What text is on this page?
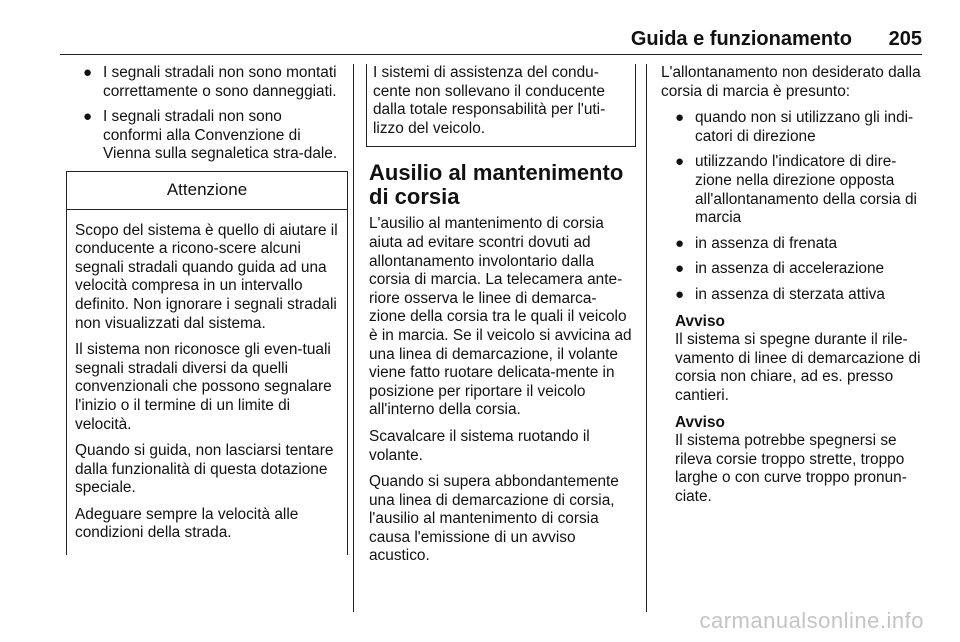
Guida e funzionamento 205
● I segnali stradali non sono montati correttamente o sono danneggiati.
● I segnali stradali non sono conformi alla Convenzione di Vienna sulla segnaletica stra-dale.
Attenzione

Scopo del sistema è quello di aiutare il conducente a ricono-scere alcuni segnali stradali quando guida ad una velocità compresa in un intervallo definito. Non ignorare i segnali stradali non visualizzati dal sistema.

Il sistema non riconosce gli even-tuali segnali stradali diversi da quelli convenzionali che possono segnalare l'inizio o il termine di un limite di velocità.

Quando si guida, non lasciarsi tentare dalla funzionalità di questa dotazione speciale.

Adeguare sempre la velocità alle condizioni della strada.

I sistemi di assistenza del condu-cente non sollevano il conducente dalla totale responsabilità per l'uti-lizzo del veicolo.

Ausilio al mantenimento di corsia

L'ausilio al mantenimento di corsia aiuta ad evitare scontri dovuti ad allontanamento involontario dalla corsia di marcia. La telecamera ante-riore osserva le linee di demarca-zione della corsia tra le quali il veicolo è in marcia. Se il veicolo si avvicina ad una linea di demarcazione, il volante viene fatto ruotare delicata-mente in posizione per riportare il veicolo all'interno della corsia.

Scavalcare il sistema ruotando il volante.

Quando si supera abbondantemente una linea di demarcazione di corsia, l'ausilio al mantenimento di corsia causa l'emissione di un avviso acustico.

L'allontanamento non desiderato dalla corsia di marcia è presunto:

● quando non si utilizzano gli indi-catori di direzione
● utilizzando l'indicatore di dire-zione nella direzione opposta all'allontanamento della corsia di marcia
● in assenza di frenata
● in assenza di accelerazione
● in assenza di sterzata attiva
Avviso
Il sistema si spegne durante il rile-vamento di linee di demarcazione di corsia non chiare, ad es. presso cantieri.
Avviso
Il sistema potrebbe spegnersi se rileva corsie troppo strette, troppo larghe o con curve troppo pronun-ciate.
carmanualsonline.info
